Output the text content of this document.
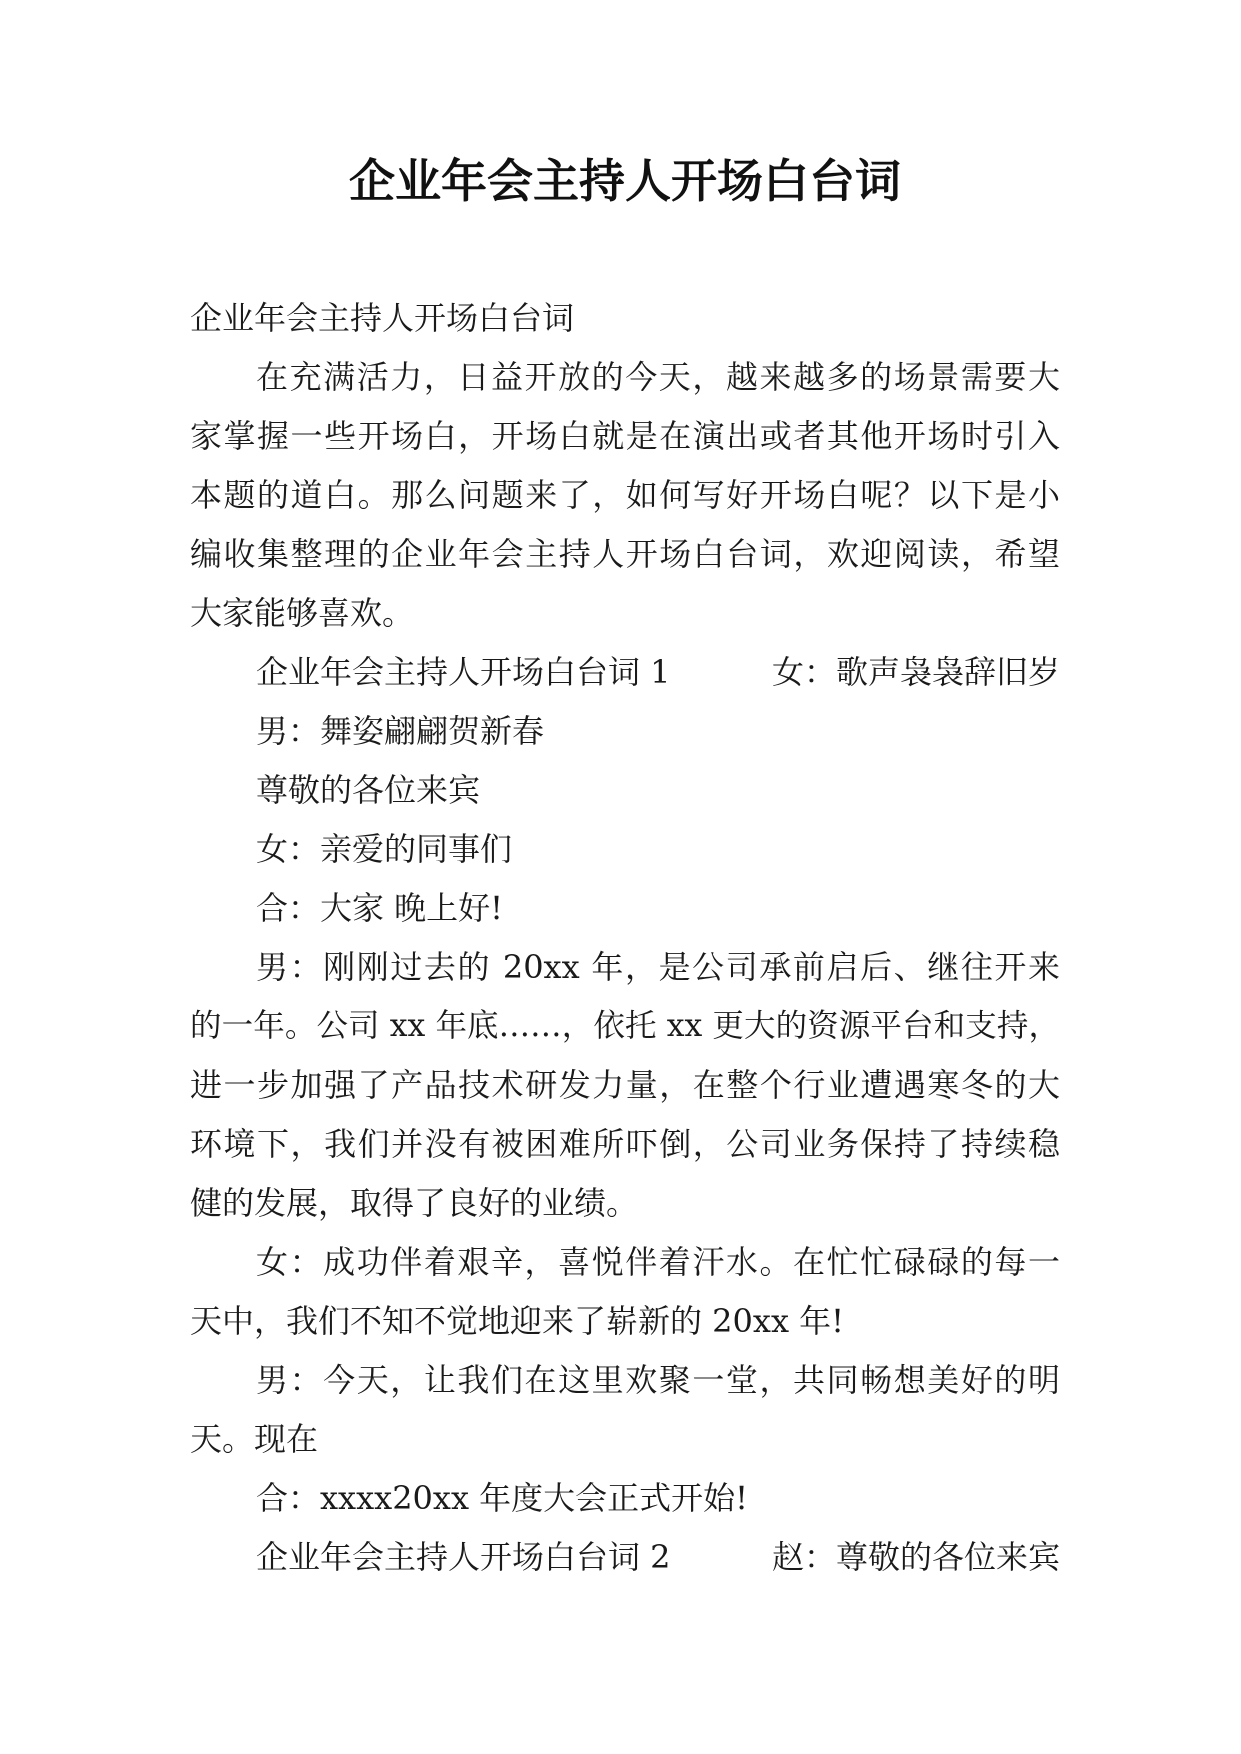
企业年会主持人开场白台词
企业年会主持人开场白台词
在充满活力，日益开放的今天，越来越多的场景需要大
家掌握一些开场白，开场白就是在演出或者其他开场时引入
本题的道白。那么问题来了，如何写好开场白呢？以下是小
编收集整理的企业年会主持人开场白台词，欢迎阅读，希望
大家能够喜欢。
企业年会主持人开场白台词 1	女：歌声袅袅辞旧岁
男：舞姿翩翩贺新春
尊敬的各位来宾
女：亲爱的同事们
合：大家 晚上好!
男：刚刚过去的 20xx 年，是公司承前启后、继往开来
的一年。公司 xx 年底……，依托 xx 更大的资源平台和支持，
进一步加强了产品技术研发力量，在整个行业遭遇寒冬的大
环境下，我们并没有被困难所吓倒，公司业务保持了持续稳
健的发展，取得了良好的业绩。
女：成功伴着艰辛，喜悦伴着汗水。在忙忙碌碌的每一
天中，我们不知不觉地迎来了崭新的 20xx 年!
男：今天，让我们在这里欢聚一堂，共同畅想美好的明
天。现在
合：xxxx20xx 年度大会正式开始!
企业年会主持人开场白台词 2	赵：尊敬的各位来宾
